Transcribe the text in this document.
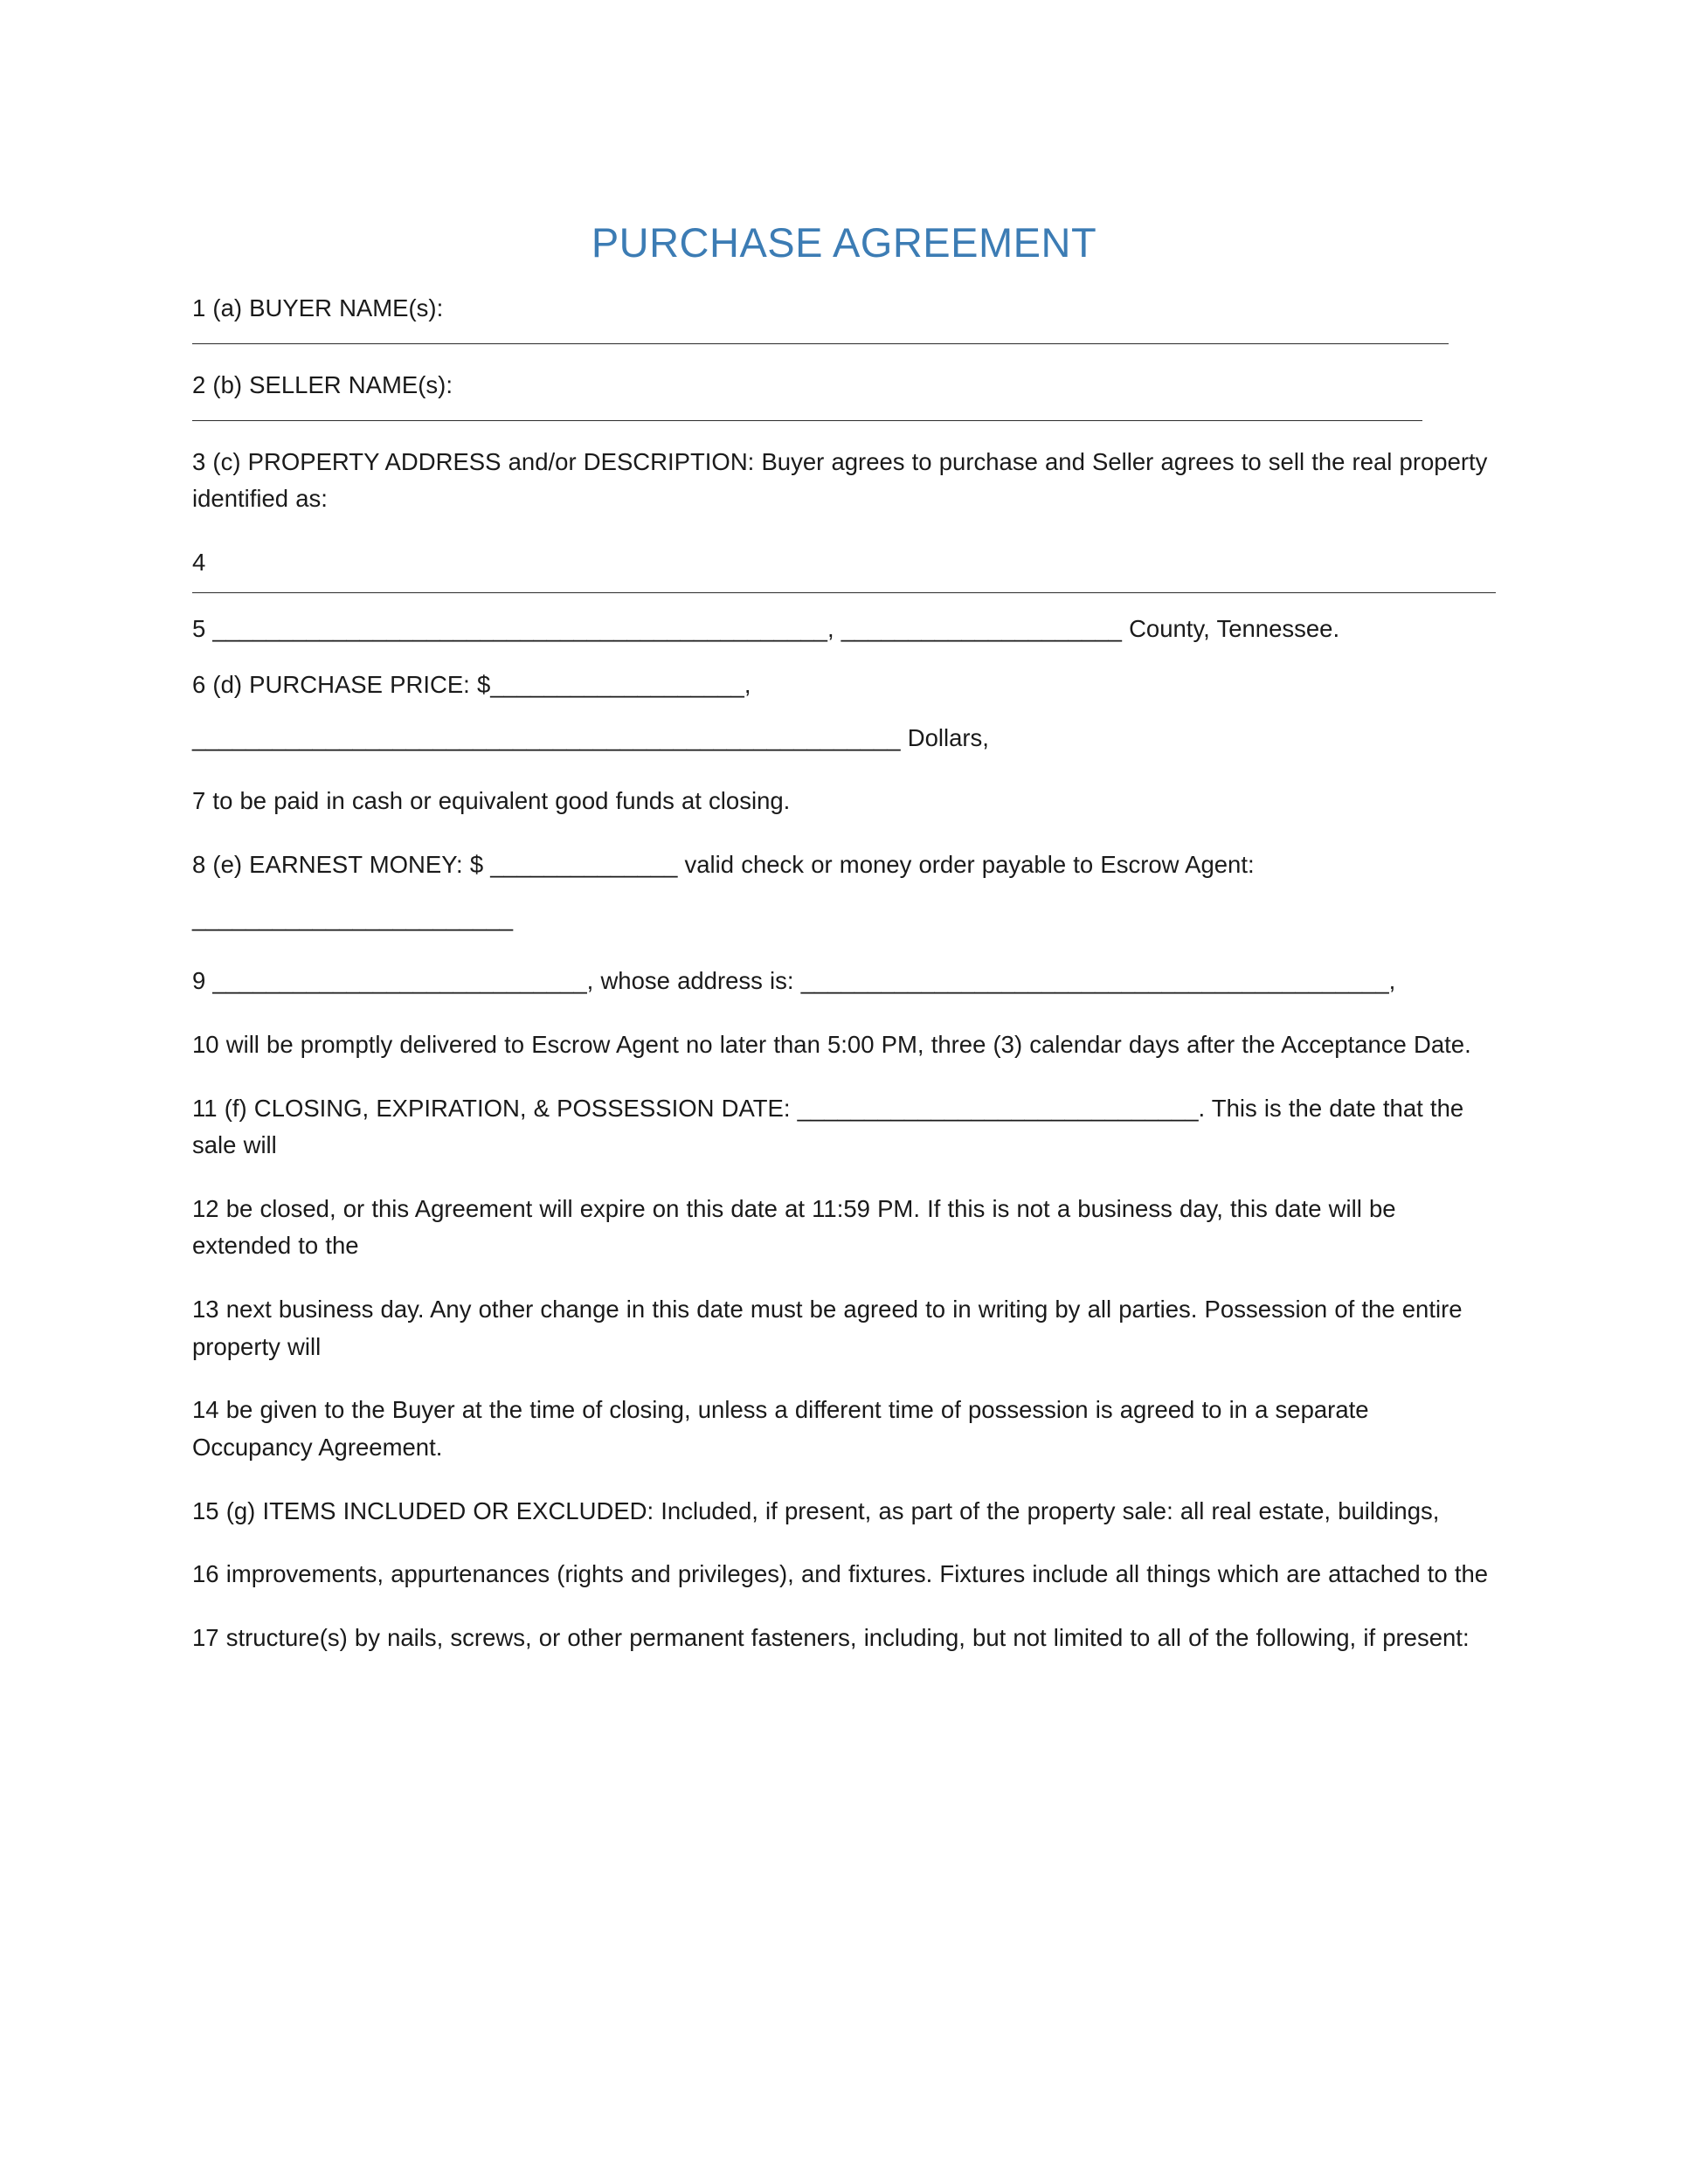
PURCHASE AGREEMENT

1 (a) BUYER NAME(s):

2 (b) SELLER NAME(s):

3 (c) PROPERTY ADDRESS and/or DESCRIPTION: Buyer agrees to purchase and Seller agrees to sell the real property identified as:

4

5 ______________________________________________, _____________________ County, Tennessee.

6 (d) PURCHASE PRICE: $___________________,

_____________________________________________________ Dollars,

7 to be paid in cash or equivalent good funds at closing.

8 (e) EARNEST MONEY: $ ______________ valid check or money order payable to Escrow Agent:

________________________

9 ____________________________, whose address is: ____________________________________________,

10 will be promptly delivered to Escrow Agent no later than 5:00 PM, three (3) calendar days after the Acceptance Date.

11 (f) CLOSING, EXPIRATION, & POSSESSION DATE: ______________________________. This is the date that the sale will

12 be closed, or this Agreement will expire on this date at 11:59 PM. If this is not a business day, this date will be extended to the

13 next business day. Any other change in this date must be agreed to in writing by all parties. Possession of the entire property will

14 be given to the Buyer at the time of closing, unless a different time of possession is agreed to in a separate Occupancy Agreement.

15 (g) ITEMS INCLUDED OR EXCLUDED: Included, if present, as part of the property sale: all real estate, buildings,

16 improvements, appurtenances (rights and privileges), and fixtures. Fixtures include all things which are attached to the

17 structure(s) by nails, screws, or other permanent fasteners, including, but not limited to all of the following, if present:
